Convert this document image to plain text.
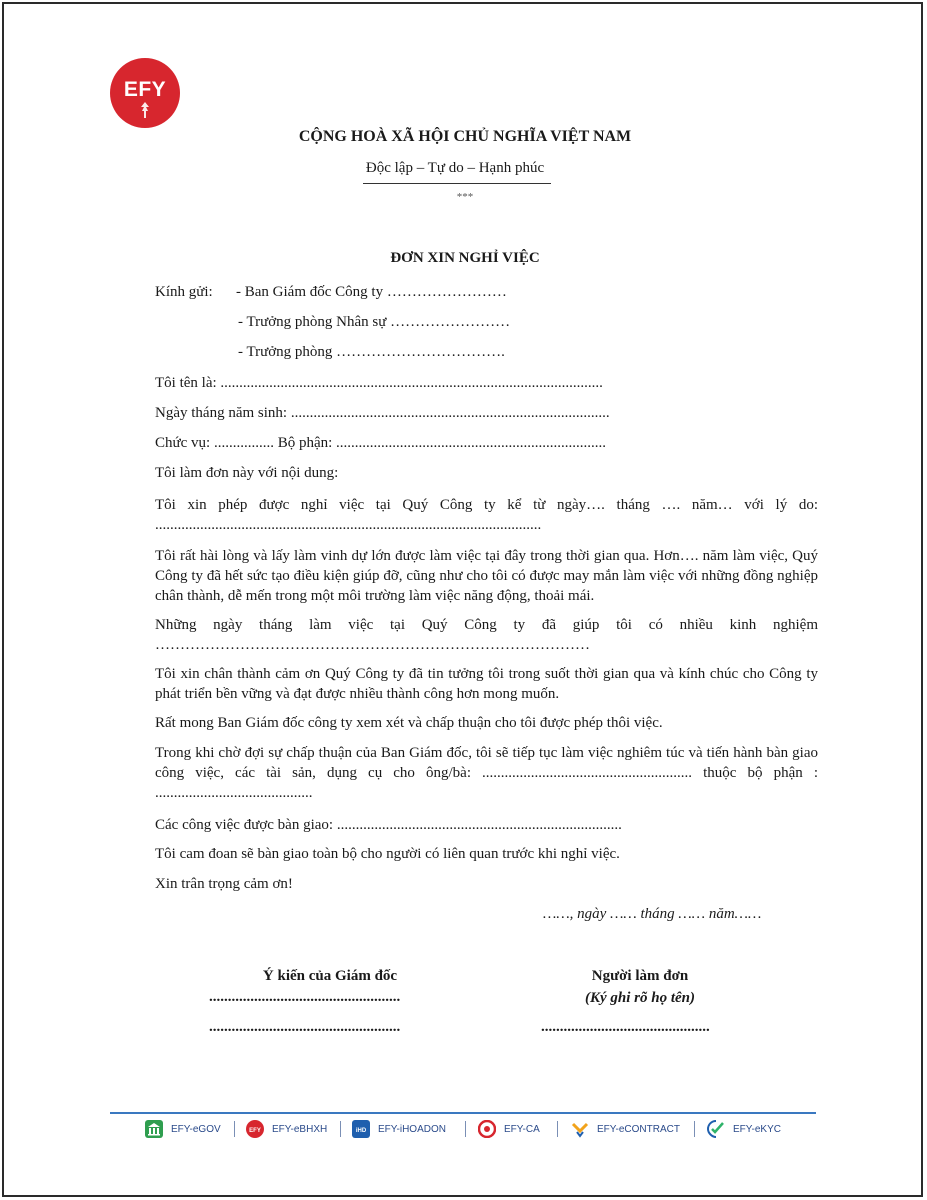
EFY
CỘNG HOÀ XÃ HỘI CHỦ NGHĨA VIỆT NAM
Độc lập – Tự do – Hạnh phúc
***
ĐƠN XIN NGHỈ VIỆC
Kính gửi: - Ban Giám đốc Công ty ……………………
- Trưởng phòng Nhân sự ……………………
- Trưởng phòng …………………………….
Tôi tên là: ......................................................................................................
Ngày tháng năm sinh: .....................................................................................
Chức vụ: ................ Bộ phận: ........................................................................
Tôi làm đơn này với nội dung:
Tôi xin phép được nghỉ việc tại Quý Công ty kể từ ngày…. tháng …. năm… với lý do: .......................................................................................................
Tôi rất hài lòng và lấy làm vinh dự lớn được làm việc tại đây trong thời gian qua. Hơn…. năm làm việc, Quý Công ty đã hết sức tạo điều kiện giúp đỡ, cũng như cho tôi có được may mắn làm việc với những đồng nghiệp chân thành, dễ mến trong một môi trường làm việc năng động, thoải mái.
Những ngày tháng làm việc tại Quý Công ty đã giúp tôi có nhiều kinh nghiệm ……………………………………………………………………………
Tôi xin chân thành cảm ơn Quý Công ty đã tin tưởng tôi trong suốt thời gian qua và kính chúc cho Công ty phát triển bền vững và đạt được nhiều thành công hơn mong muốn.
Rất mong Ban Giám đốc công ty xem xét và chấp thuận cho tôi được phép thôi việc.
Trong khi chờ đợi sự chấp thuận của Ban Giám đốc, tôi sẽ tiếp tục làm việc nghiêm túc và tiến hành bàn giao công việc, các tài sản, dụng cụ cho ông/bà: ........................................................ thuộc bộ phận : ..........................................
Các công việc được bàn giao: ............................................................................
Tôi cam đoan sẽ bàn giao toàn bộ cho người có liên quan trước khi nghỉ việc.
Xin trân trọng cảm ơn!
……, ngày …… tháng …… năm……
Ý kiến của Giám đốc
...................................................
...................................................
Người làm đơn
(Ký ghi rõ họ tên)
.............................................
EFY-eGOV	EFY EFY-eBHXH	iHD EFY-iHOADON	EFY-CA	EFY-eCONTRACT	EFY-eKYC
